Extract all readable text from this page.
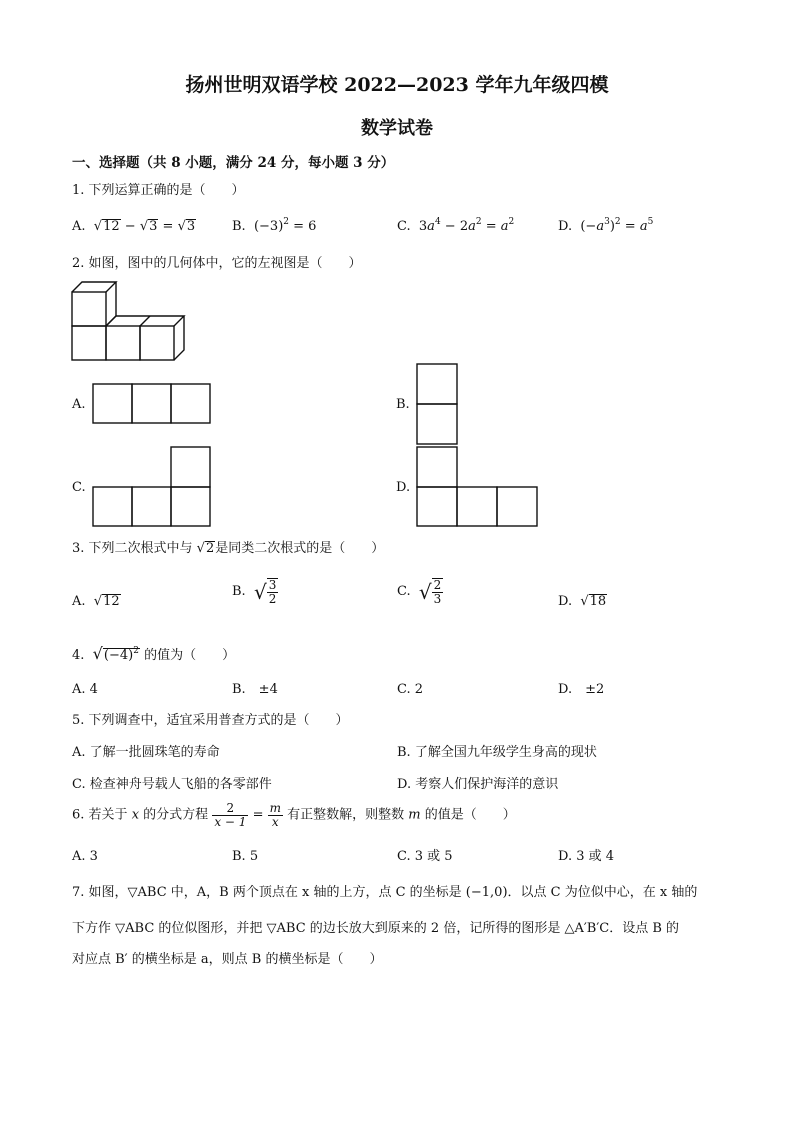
扬州世明双语学校 2022—2023 学年九年级四模
数学试卷
一、选择题（共 8 小题，满分 24 分，每小题 3 分）
1. 下列运算正确的是（　　）
A.  √12 − √3 = √3	B. $(-3)^2 = 6$	C. $3a^4 - 2a^2 = a^2$	D. $(-a^3)^2 = a^5$
2. 如图，图中的几何体中，它的左视图是（　　）
A.	B.
C.	D.
3. 下列二次根式中与 √2是同类二次根式的是（　　）
A.  √12
B. √ $\frac{3}{2}$	C. √ $\frac{2}{3}$	D.  √18
4. $√(-4)^2$ 的值为（　　）
A. 4	B.　±4	C. 2	D.　±2
5. 下列调查中，适宜采用普查方式的是（　　）
A. 了解一批圆珠笔的寿命	B. 了解全国九年级学生身高的现状
C. 检查神舟号载人飞船的各零部件	D. 考察人们保护海洋的意识
6. 若关于 x 的分式方程 $\frac{2}{x - 1} = \frac{m}{x}$ 有正整数解，则整数 m 的值是（　　）
A. 3	B. 5	C. 3 或 5	D. 3 或 4
7. 如图，▽ABC 中，A，B 两个顶点在 x 轴的上方，点 C 的坐标是 (−1,0)．以点 C 为位似中心，在 x 轴的
下方作 ▽ABC 的位似图形，并把 ▽ABC 的边长放大到原来的 2 倍，记所得的图形是 △A′B′C．设点 B 的
对应点 B′ 的横坐标是 a，则点 B 的横坐标是（　　）
